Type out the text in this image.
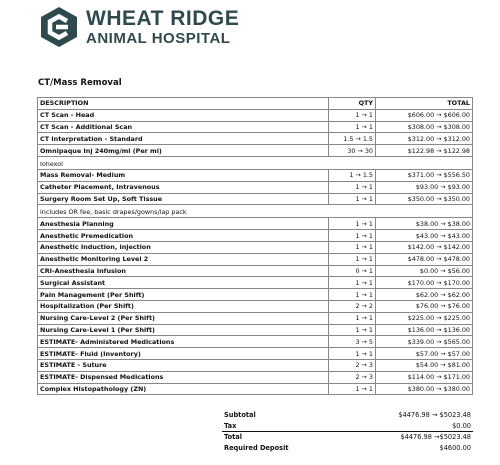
WHEAT RIDGE
ANIMAL HOSPITAL
CT/Mass Removal
DESCRIPTION	QTY	TOTAL
CT Scan - Head	1 → 1	$606.00 → $606.00
CT Scan - Additional Scan	1 → 1	$308.00 → $308.00
CT Interpretation - Standard	1.5 → 1.5	$312.00 → $312.00
Omnipaque Inj 240mg/ml (Per ml)	30 → 30	$122.98 → $122.98
Iohexol		
Mass Removal- Medium	1 → 1.5	$371.00 → $556.50
Catheter Placement, Intravenous	1 → 1	$93.00 → $93.00
Surgery Room Set Up, Soft Tissue	1 → 1	$350.00 → $350.00
includes OR fee, basic drapes/gowns/lap pack		
Anesthesia Planning	1 → 1	$38.00 → $38.00
Anesthetic Premedication	1 → 1	$43.00 → $43.00
Anesthetic Induction, injection	1 → 1	$142.00 → $142.00
Anesthetic Monitoring Level 2	1 → 1	$478.00 → $478.00
CRI-Anesthesia Infusion	0 → 1	$0.00 → $56.00
Surgical Assistant	1 → 1	$170.00 → $170.00
Pain Management (Per Shift)	1 → 1	$62.00 → $62.00
Hospitalization (Per Shift)	2 → 2	$76.00 → $76.00
Nursing Care-Level 2 (Per Shift)	1 → 1	$225.00 → $225.00
Nursing Care-Level 1 (Per Shift)	1 → 1	$136.00 → $136.00
ESTIMATE- Administered Medications	3 → 5	$339.00 → $565.00
ESTIMATE- Fluid (Inventory)	1 → 1	$57.00 → $57.00
ESTIMATE - Suture	2 → 3	$54.00 → $81.00
ESTIMATE- Dispensed Medications	2 → 3	$114.00 → $171.00
Complex Histopathology (ZN)	1 → 1	$380.00 → $380.00
Subtotal	$4476.98 → $5023.48
Tax	$0.00
Total	$4476.98 →$5023.48
Required Deposit	$4600.00
